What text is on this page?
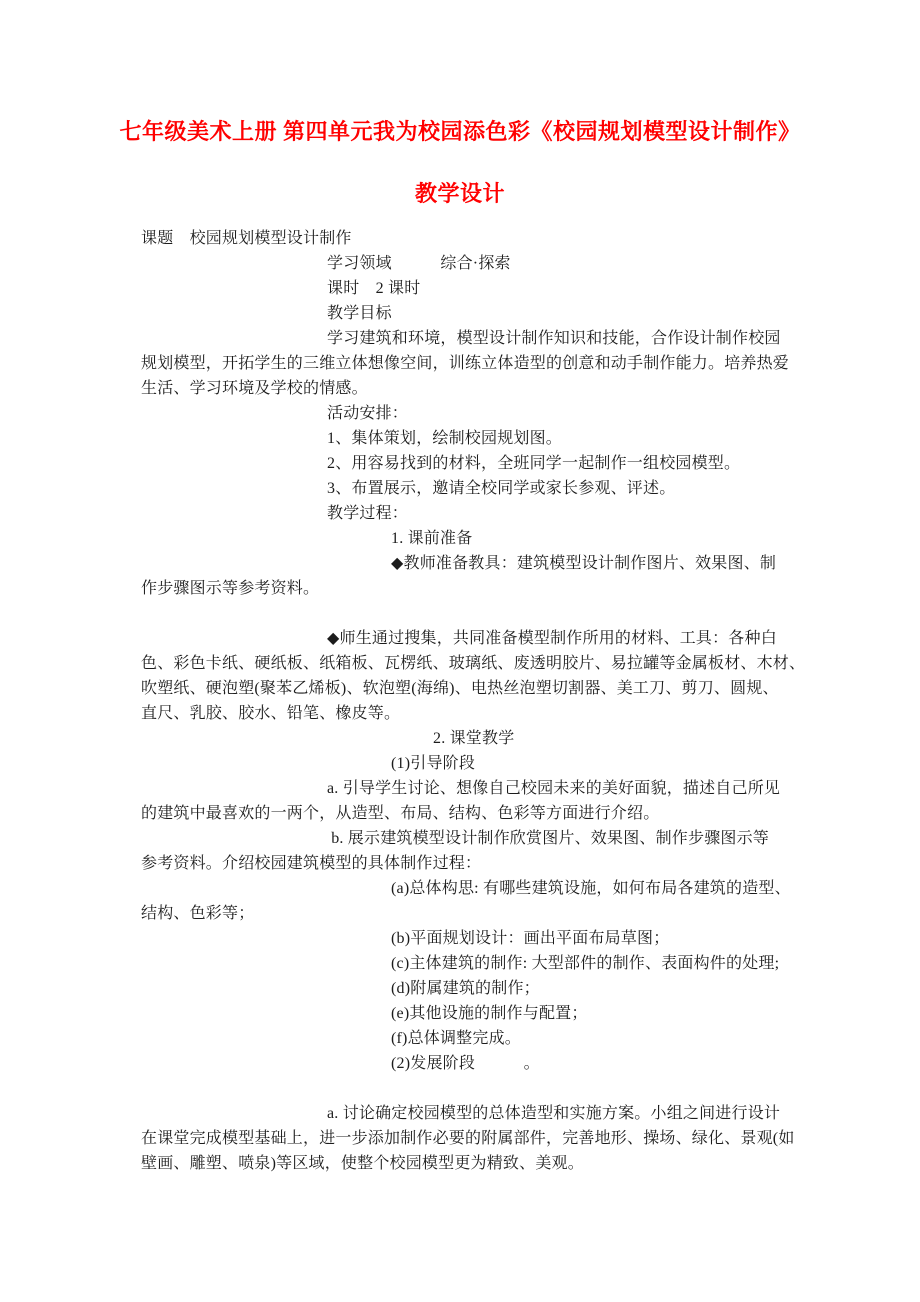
七年级美术上册 第四单元我为校园添色彩《校园规划模型设计制作》
教学设计
课题　校园规划模型设计制作
学习领域　　　综合·探索
课时　2 课时
教学目标
学习建筑和环境，模型设计制作知识和技能，合作设计制作校园
规划模型，开拓学生的三维立体想像空间，训练立体造型的创意和动手制作能力。培养热爱
生活、学习环境及学校的情感。
活动安排：
1、集体策划，绘制校园规划图。
2、用容易找到的材料，全班同学一起制作一组校园模型。
3、布置展示，邀请全校同学或家长参观、评述。
教学过程：
1. 课前准备
◆教师准备教具：建筑模型设计制作图片、效果图、制
作步骤图示等参考资料。
◆师生通过搜集，共同准备模型制作所用的材料、工具：各种白
色、彩色卡纸、硬纸板、纸箱板、瓦楞纸、玻璃纸、废透明胶片、易拉罐等金属板材、木材、
吹塑纸、硬泡塑(聚苯乙烯板)、软泡塑(海绵)、电热丝泡塑切割器、美工刀、剪刀、圆规、
直尺、乳胶、胶水、铅笔、橡皮等。
2. 课堂教学
(1)引导阶段
a. 引导学生讨论、想像自己校园未来的美好面貌，描述自己所见
的建筑中最喜欢的一两个，从造型、布局、结构、色彩等方面进行介绍。
b. 展示建筑模型设计制作欣赏图片、效果图、制作步骤图示等
参考资料。介绍校园建筑模型的具体制作过程：
(a)总体构思: 有哪些建筑设施，如何布局各建筑的造型、
结构、色彩等；
(b)平面规划设计：画出平面布局草图；
(c)主体建筑的制作: 大型部件的制作、表面构件的处理;
(d)附属建筑的制作；
(e)其他设施的制作与配置；
(f)总体调整完成。
(2)发展阶段　　　。
a. 讨论确定校园模型的总体造型和实施方案。小组之间进行设计
在课堂完成模型基础上，进一步添加制作必要的附属部件，完善地形、操场、绿化、景观(如
壁画、雕塑、喷泉)等区域，使整个校园模型更为精致、美观。
